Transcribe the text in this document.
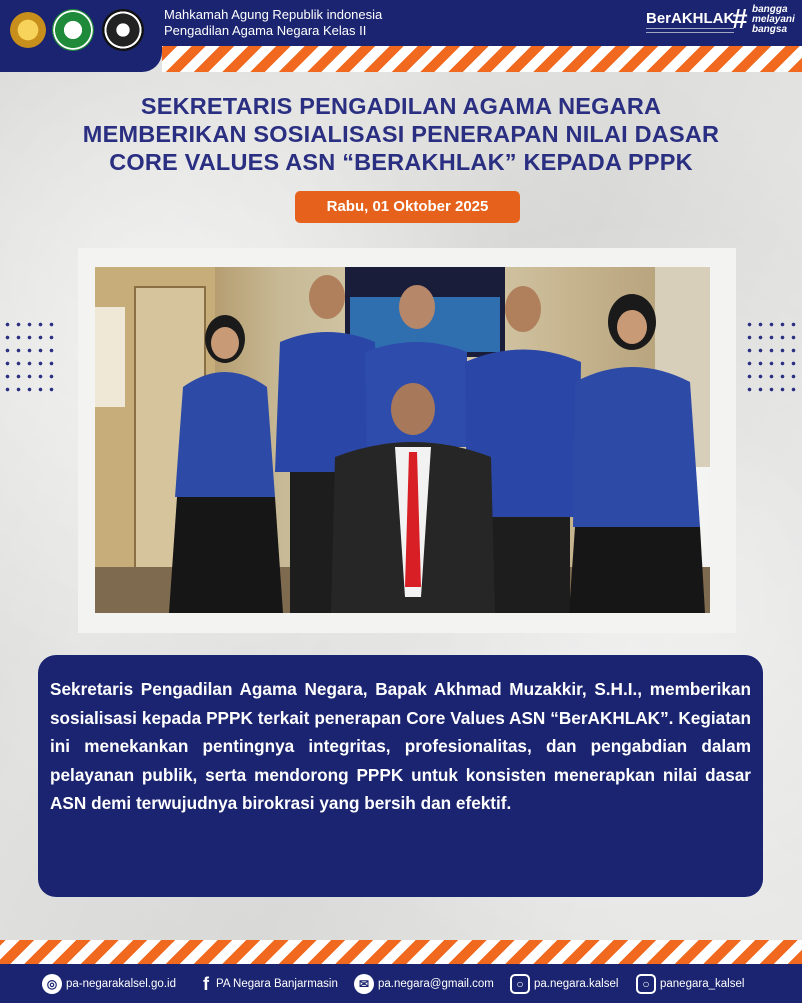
Mahkamah Agung Republik indonesia
Pengadilan Agama Negara Kelas II
BerAKHLAK
# bangga
melayani
bangsa
SEKRETARIS PENGADILAN AGAMA NEGARA
MEMBERIKAN SOSIALISASI PENERAPAN NILAI DASAR
CORE VALUES ASN “BERAKHLAK” KEPADA PPPK
Rabu, 01 Oktober 2025

Sekretaris Pengadilan Agama Negara, Bapak Akhmad Muzakkir, S.H.I., memberikan sosialisasi kepada PPPK terkait penerapan Core Values ASN “BerAKHLAK”. Kegiatan ini menekankan pentingnya integritas, profesionalitas, dan pengabdian dalam pelayanan publik, serta mendorong PPPK untuk konsisten menerapkan nilai dasar ASN demi terwujudnya birokrasi yang bersih dan efektif.

◎ pa-negarakalsel.go.id fPA Negara Banjarmasin	✉ pa.negara@gmail.com	○ pa.negara.kalsel	○ panegara_kalsel
